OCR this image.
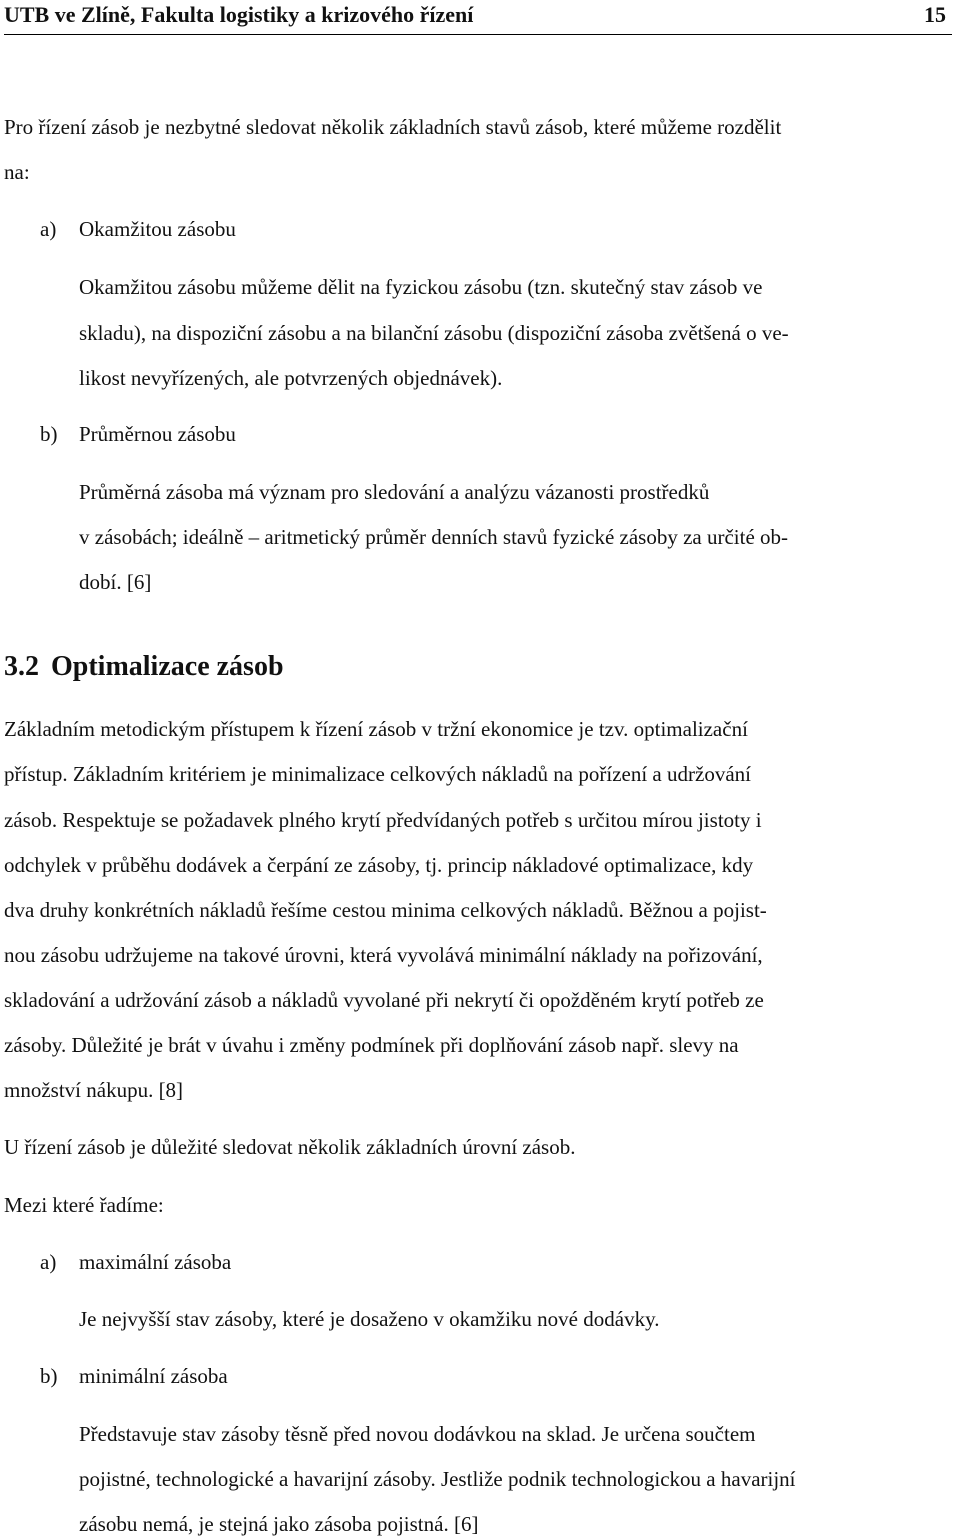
UTB ve Zlíně, Fakulta logistiky a krizového řízení	15
Pro řízení zásob je nezbytné sledovat několik základních stavů zásob, které můžeme rozdělit
na:
a) Okamžitou zásobu
Okamžitou zásobu můžeme dělit na fyzickou zásobu (tzn. skutečný stav zásob ve
skladu), na dispoziční zásobu a na bilanční zásobu (dispoziční zásoba zvětšená o ve-
likost nevyřízených, ale potvrzených objednávek).
b) Průměrnou zásobu
Průměrná zásoba má význam pro sledování a analýzu vázanosti prostředků
v zásobách; ideálně – aritmetický průměr denních stavů fyzické zásoby za určité ob-
dobí. [6]
3.2 Optimalizace zásob
Základním metodickým přístupem k řízení zásob v tržní ekonomice je tzv. optimalizační
přístup. Základním kritériem je minimalizace celkových nákladů na pořízení a udržování
zásob. Respektuje se požadavek plného krytí předvídaných potřeb s určitou mírou jistoty i
odchylek v průběhu dodávek a čerpání ze zásoby, tj. princip nákladové optimalizace, kdy
dva druhy konkrétních nákladů řešíme cestou minima celkových nákladů. Běžnou a pojist-
nou zásobu udržujeme na takové úrovni, která vyvolává minimální náklady na pořizování,
skladování a udržování zásob a nákladů vyvolané při nekrytí či opožděném krytí potřeb ze
zásoby. Důležité je brát v úvahu i změny podmínek při doplňování zásob např. slevy na
množství nákupu. [8]
U řízení zásob je důležité sledovat několik základních úrovní zásob.
Mezi které řadíme:
a) maximální zásoba
Je nejvyšší stav zásoby, které je dosaženo v okamžiku nové dodávky.
b) minimální zásoba
Představuje stav zásoby těsně před novou dodávkou na sklad. Je určena součtem
pojistné, technologické a havarijní zásoby. Jestliže podnik technologickou a havarijní
zásobu nemá, je stejná jako zásoba pojistná. [6]
